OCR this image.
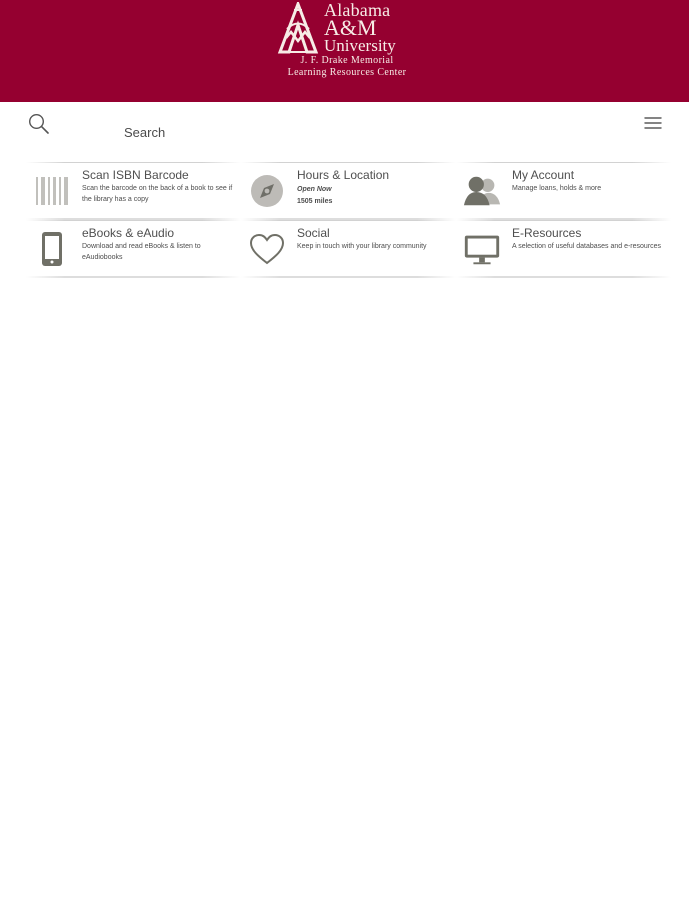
Alabama
A&M
University
J. F. Drake Memorial
Learning Resources Center
Search
Scan ISBN Barcode
Scan the barcode on the back of a book to see if the library has a copy
Hours & Location
Open Now
1505 miles
My Account
Manage loans, holds & more
eBooks & eAudio
Download and read eBooks & listen to eAudiobooks
Social
Keep in touch with your library community
E-Resources
A selection of useful databases and e-resources
